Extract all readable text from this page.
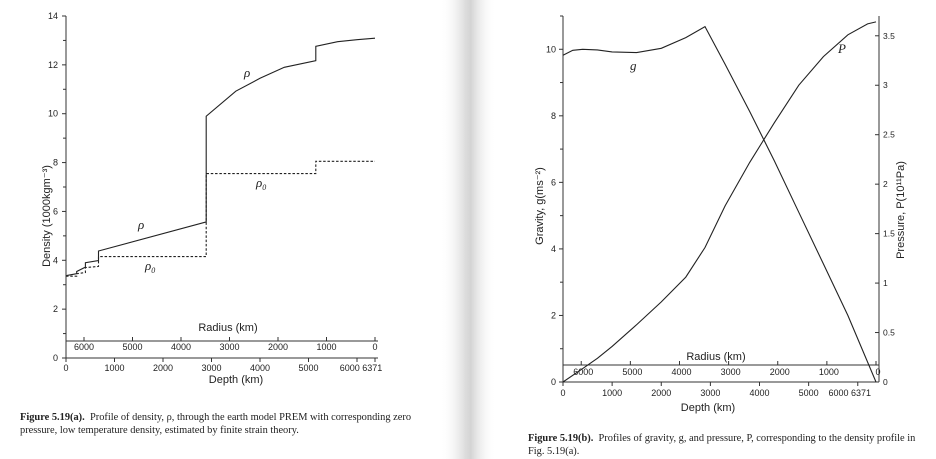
0
2
4
6
8
10
12
14
0	1000	2000	3000	4000	5000 6000 6371
6000	5000	4000	3000	2000	1000	0
Depth (km)
Radius (km)
Density (1000kgm⁻³)
ρ
ρ
$\rho_0$
$\rho_0$
0
2
4
6
8
10
0
0.5
1
1.5
2
2.5
3
3.5
0	1000	2000	3000	4000	5000 6000 6371
6000	5000	4000	3000	2000	1000	0
Depth (km)
Radius (km)
Gravity, g(ms⁻²)	Pressure, P(10¹¹Pa)
g
P
Figure 5.19(a). Profile of density, ρ, through the earth model PREM with corresponding zero pressure, low temperature density, estimated by finite strain theory.
Figure 5.19(b). Profiles of gravity, g, and pressure, P, corresponding to the density profile in Fig. 5.19(a).
